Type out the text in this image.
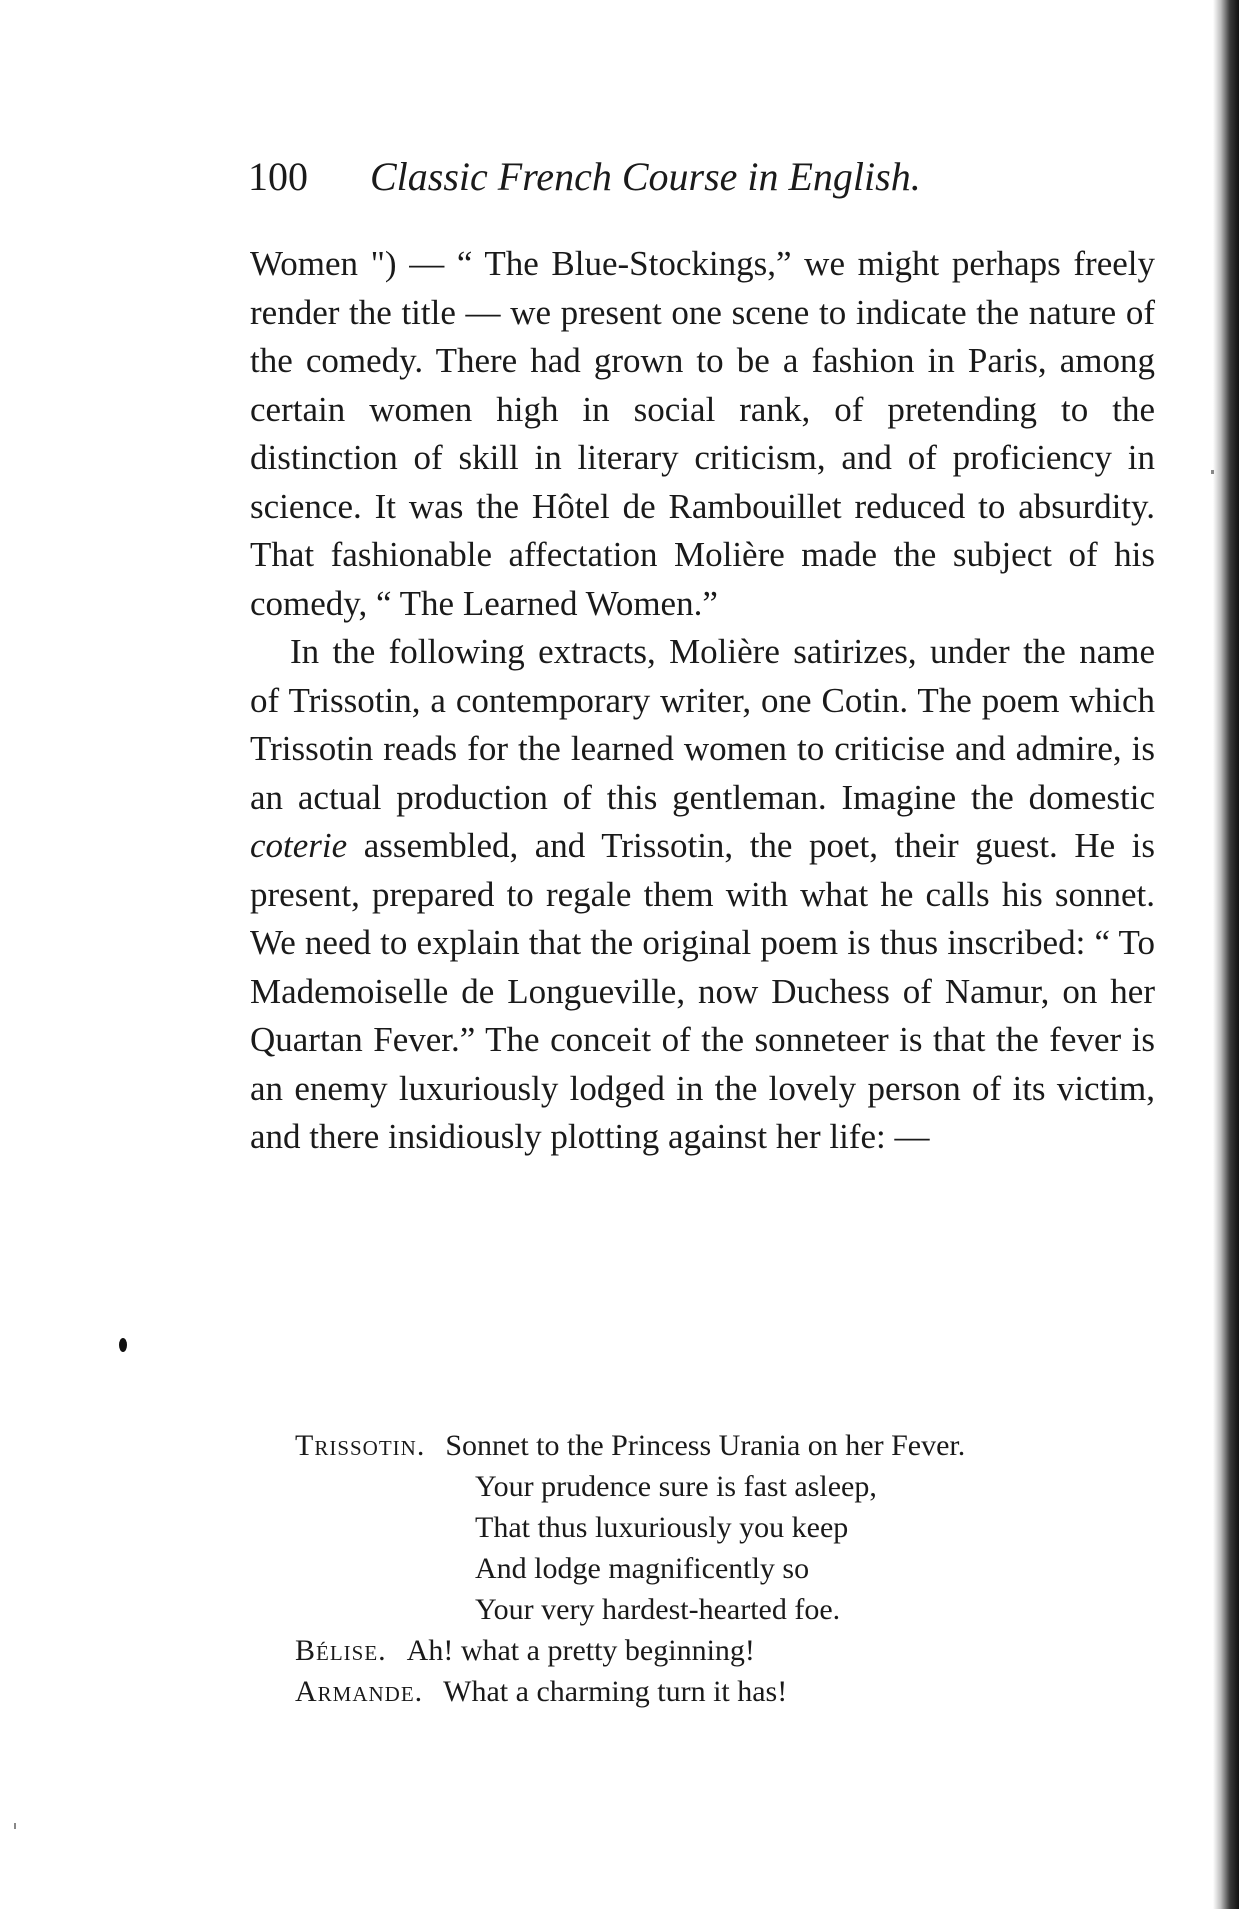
100 Classic French Course in English.

Women ") — “ The Blue-Stockings,” we might perhaps freely render the title — we present one scene to indicate the nature of the comedy. There had grown to be a fashion in Paris, among certain women high in social rank, of pretending to the distinction of skill in literary criticism, and of proficiency in science. It was the Hôtel de Rambouillet reduced to absurdity. That fashionable affectation Molière made the subject of his comedy, “ The Learned Women.”

In the following extracts, Molière satirizes, under the name of Trissotin, a contemporary writer, one Cotin. The poem which Trissotin reads for the learned women to criticise and admire, is an actual production of this gentleman. Imagine the domestic coterie assembled, and Trissotin, the poet, their guest. He is present, prepared to regale them with what he calls his sonnet. We need to explain that the original poem is thus inscribed: “ To Mademoiselle de Longueville, now Duchess of Namur, on her Quartan Fever.” The conceit of the sonneteer is that the fever is an enemy luxuriously lodged in the lovely person of its victim, and there insidiously plotting against her life: —

Trissotin. Sonnet to the Princess Urania on her Fever.
Your prudence sure is fast asleep,
That thus luxuriously you keep
And lodge magnificently so
Your very hardest-hearted foe.
Bélise. Ah! what a pretty beginning!
Armande. What a charming turn it has!
